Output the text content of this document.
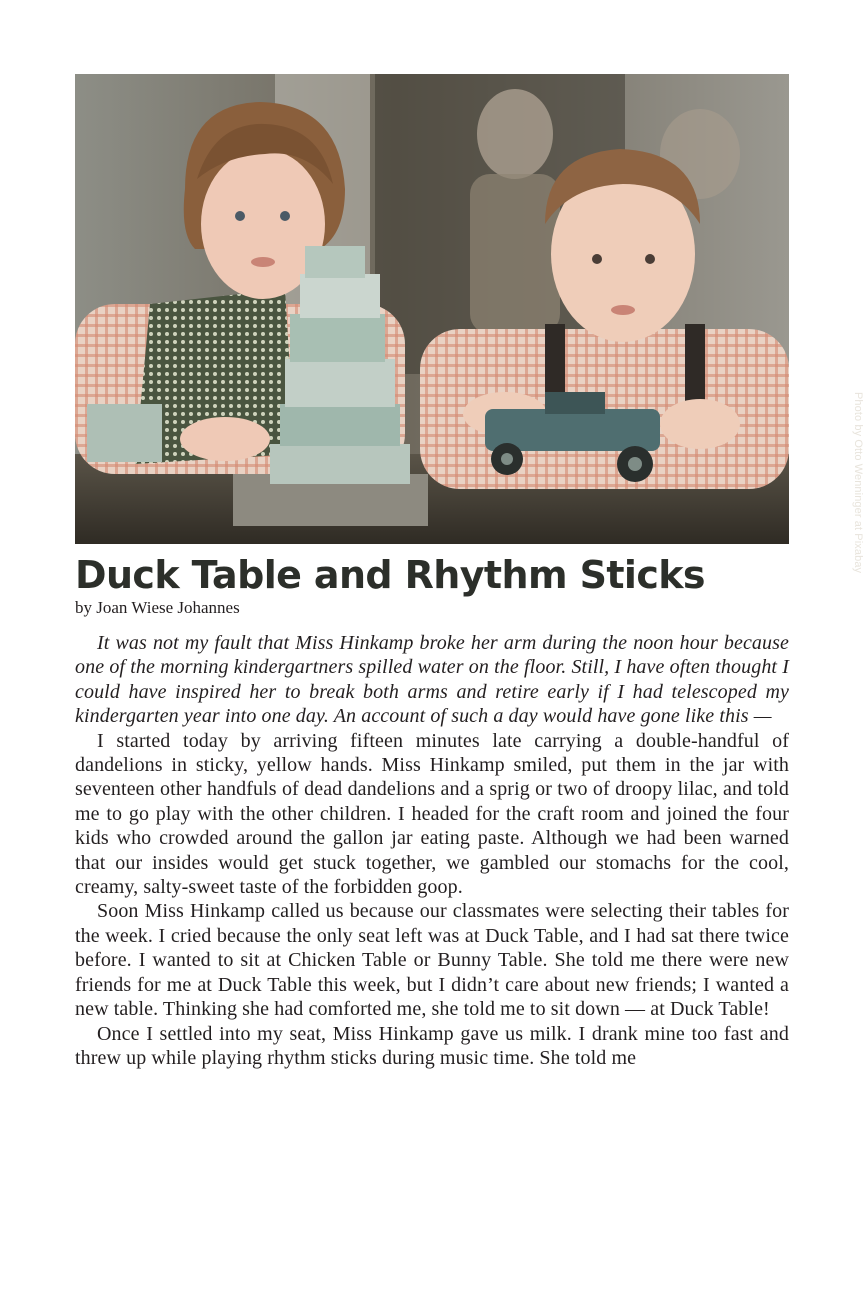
Photo by Otto Wenninger at Pixabay
Duck Table and Rhythm Sticks

by Joan Wiese Johannes

It was not my fault that Miss Hinkamp broke her arm during the noon hour because one of the morning kindergartners spilled water on the floor. Still, I have often thought I could have inspired her to break both arms and retire early if I had telescoped my kindergarten year into one day. An account of such a day would have gone like this —

I started today by arriving fifteen minutes late carrying a double-handful of dandelions in sticky, yellow hands. Miss Hinkamp smiled, put them in the jar with seventeen other handfuls of dead dandelions and a sprig or two of droopy lilac, and told me to go play with the other children. I headed for the craft room and joined the four kids who crowded around the gallon jar eating paste. Although we had been warned that our insides would get stuck together, we gambled our stomachs for the cool, creamy, salty-sweet taste of the forbidden goop.

Soon Miss Hinkamp called us because our classmates were selecting their tables for the week. I cried because the only seat left was at Duck Table, and I had sat there twice before. I wanted to sit at Chicken Table or Bunny Table. She told me there were new friends for me at Duck Table this week, but I didn’t care about new friends; I wanted a new table. Thinking she had comforted me, she told me to sit down — at Duck Table!

Once I settled into my seat, Miss Hinkamp gave us milk. I drank mine too fast and threw up while playing rhythm sticks during music time. She told me
